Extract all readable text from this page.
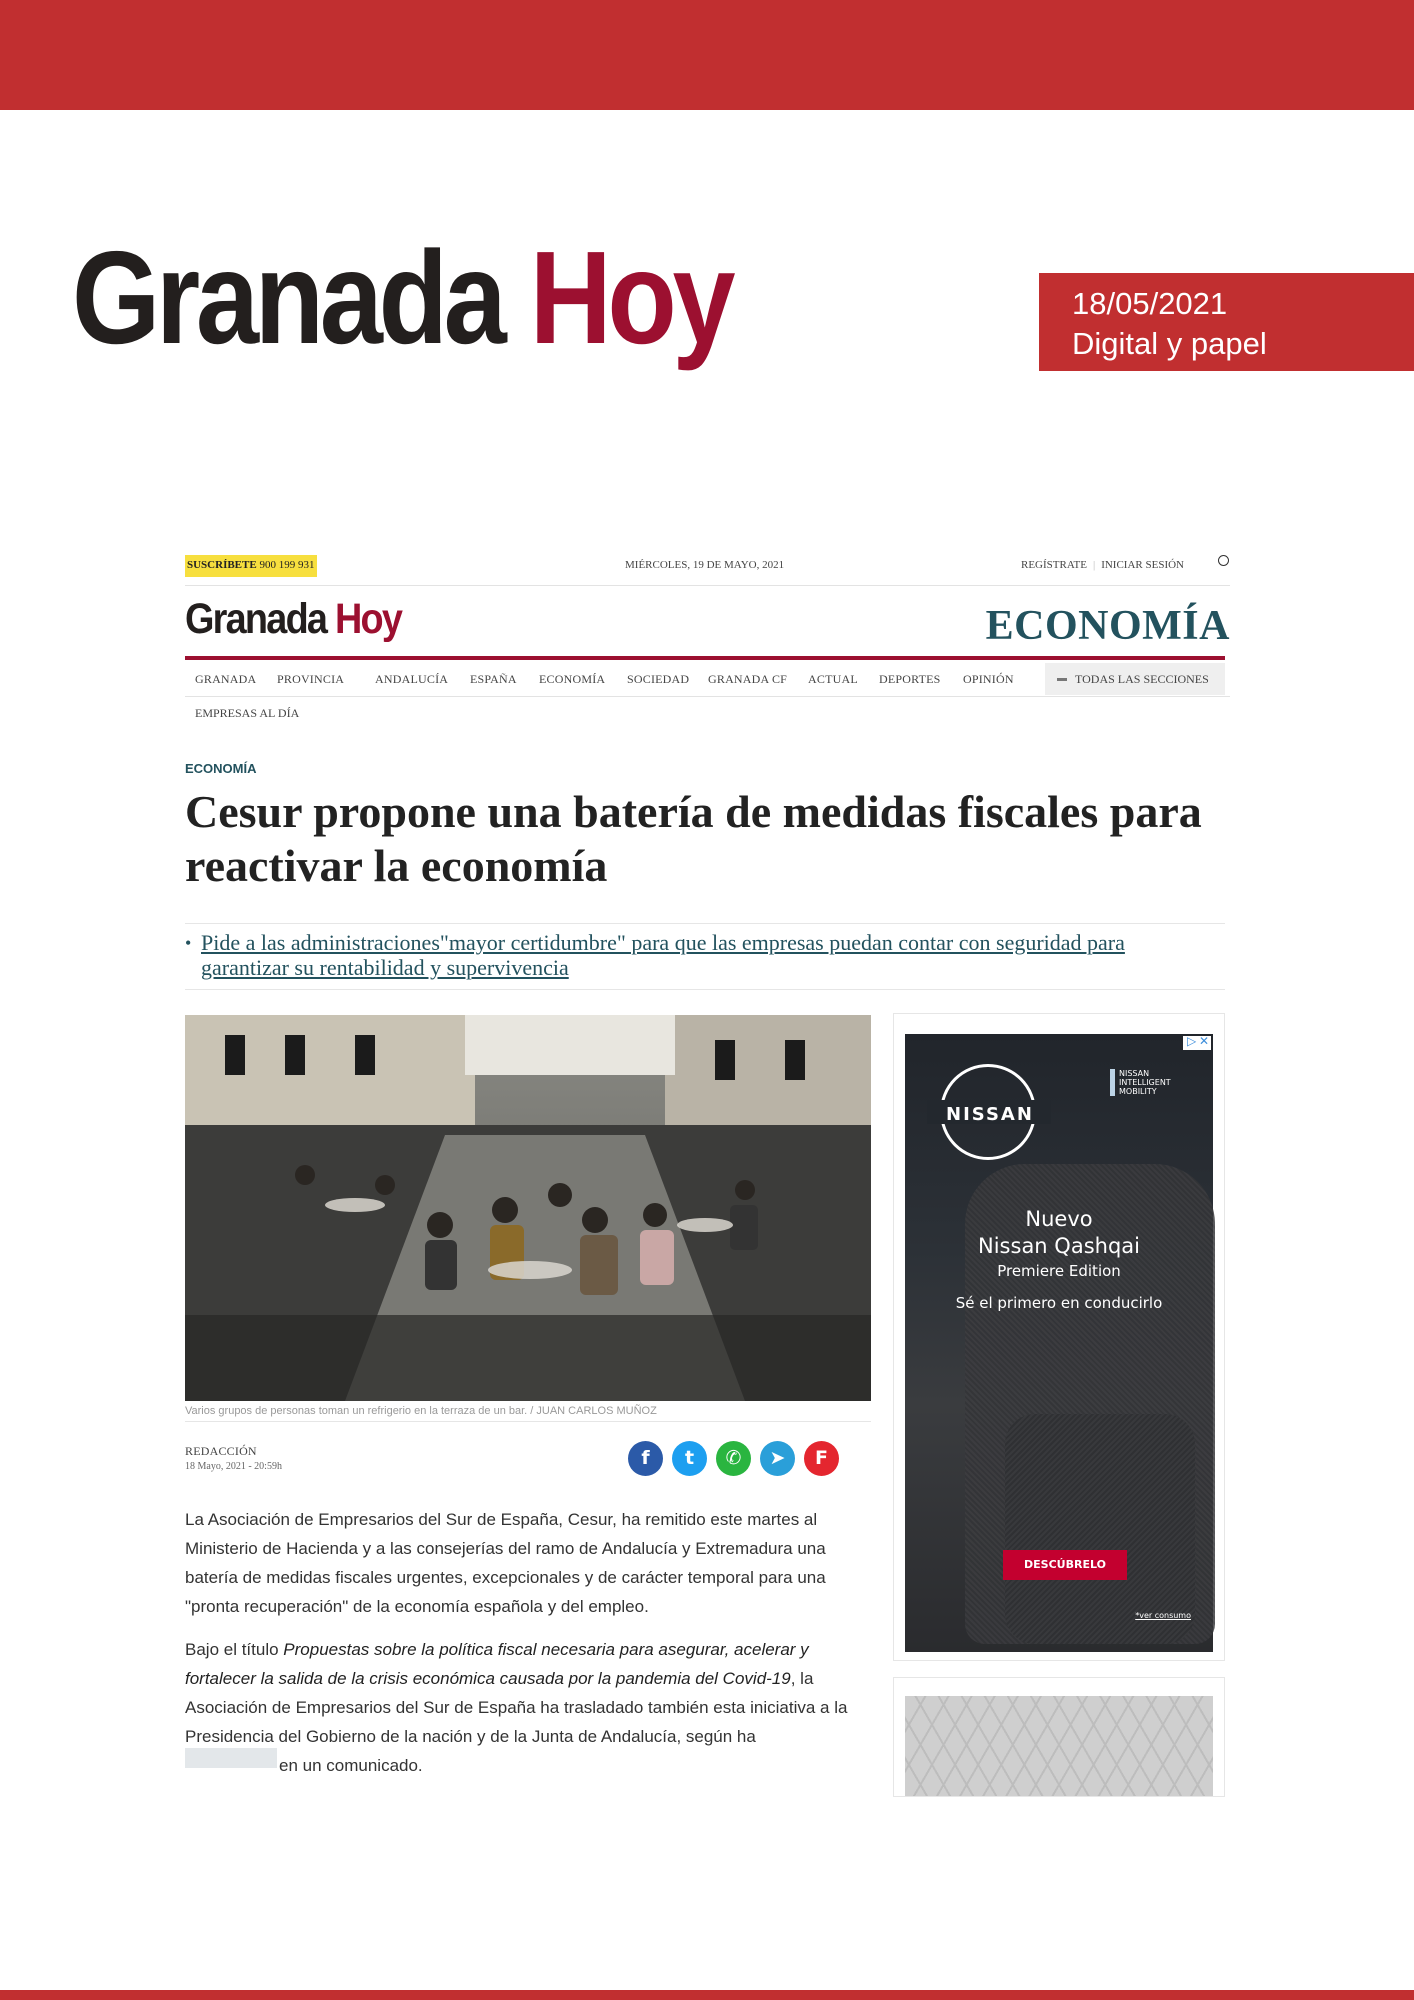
Granada Hoy	18/05/2021
Digital y papel
SUSCRÍBETE 900 199 931	MIÉRCOLES, 19 DE MAYO, 2021	REGÍSTRATE | INICIAR SESIÓN
Granada Hoy	ECONOMÍA
GRANADA PROVINCIA	ANDALUCÍA ESPAÑA ECONOMÍA SOCIEDAD GRANADA CF ACTUAL DEPORTES OPINIÓN	TODAS LAS SECCIONES
EMPRESAS AL DÍA
ECONOMÍA
Cesur propone una batería de medidas fiscales para reactivar la economía
• Pide a las administraciones"mayor certidumbre" para que las empresas puedan contar con seguridad para garantizar su rentabilidad y supervivencia
Varios grupos de personas toman un refrigerio en la terraza de un bar. / JUAN CARLOS MUÑOZ
REDACCIÓN
18 Mayo, 2021 - 20:59h	f	t	✆	➤	F

La Asociación de Empresarios del Sur de España, Cesur, ha remitido este martes al Ministerio de Hacienda y a las consejerías del ramo de Andalucía y Extremadura una batería de medidas fiscales urgentes, excepcionales y de carácter temporal para una "pronta recuperación" de la economía española y del empleo.

Bajo el título Propuestas sobre la política fiscal necesaria para asegurar, acelerar y fortalecer la salida de la crisis económica causada por la pandemia del Covid-19, la Asociación de Empresarios del Sur de España ha trasladado también esta iniciativa a la Presidencia del Gobierno de la nación y de la Junta de Andalucía, según ha
en un comunicado.

▷ ✕
NISSAN
NISSAN INTELLIGENT MOBILITY
Nuevo
Nissan Qashqai
Premiere Edition
Sé el primero en conducirlo
DESCÚBRELO
*ver consumo
